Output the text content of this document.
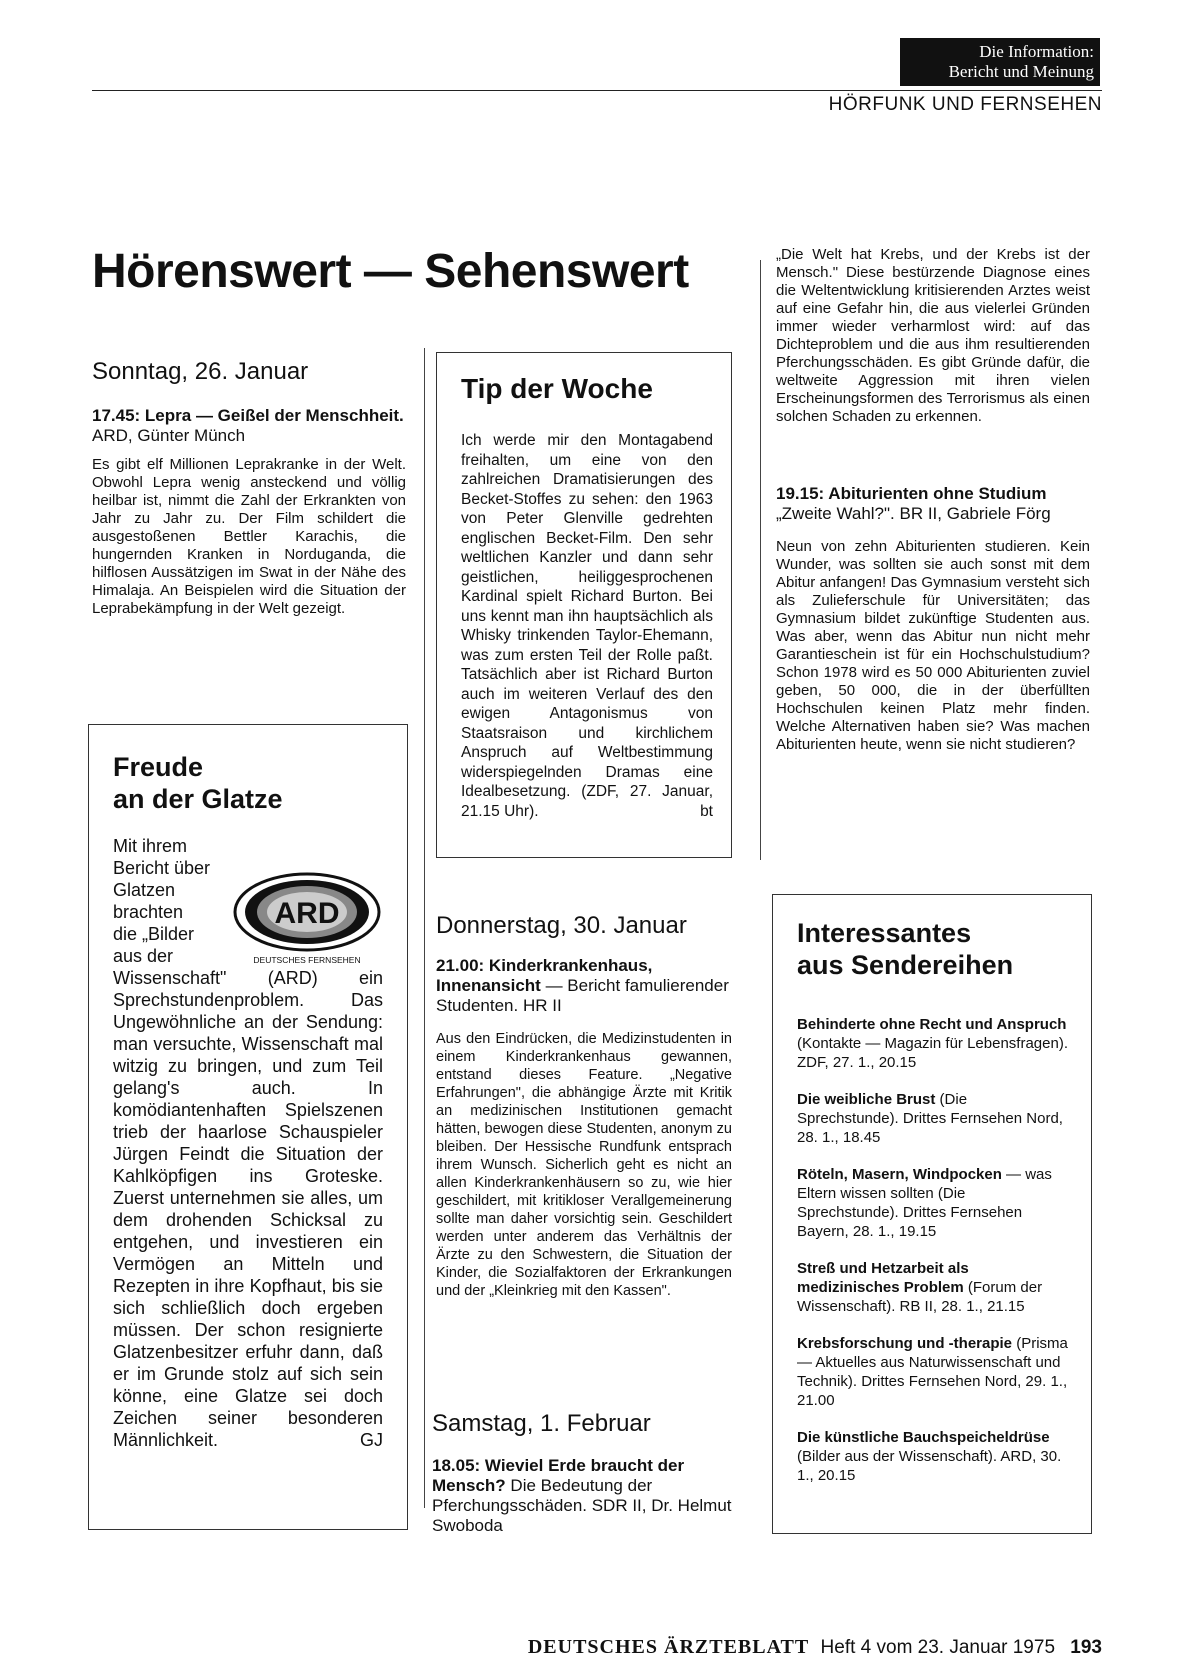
Die Information:
Bericht und Meinung
HÖRFUNK UND FERNSEHEN
Hörenswert — Sehenswert
Sonntag, 26. Januar
17.45: Lepra — Geißel der Menschheit. ARD, Günter Münch
Es gibt elf Millionen Leprakranke in der Welt. Obwohl Lepra wenig ansteckend und völlig heilbar ist, nimmt die Zahl der Erkrankten von Jahr zu Jahr zu. Der Film schildert die ausgestoßenen Bettler Karachis, die hungernden Kranken in Norduganda, die hilflosen Aussätzigen im Swat in der Nähe des Himalaja. An Beispielen wird die Situation der Leprabekämpfung in der Welt gezeigt.
Freude
an der Glatze
Mit ihrem
Bericht über
Glatzen
brachten
die „Bilder
aus der
Wissenschaft" (ARD) ein Sprechstundenproblem. Das Ungewöhnliche an der Sendung: man versuchte, Wissenschaft mal witzig zu bringen, und zum Teil gelang's auch. In komödiantenhaften Spielszenen trieb der haarlose Schauspieler Jürgen Feindt die Situation der Kahlköpfigen ins Groteske. Zuerst unternehmen sie alles, um dem drohenden Schicksal zu entgehen, und investieren ein Vermögen an Mitteln und Rezepten in ihre Kopfhaut, bis sie sich schließlich doch ergeben müssen. Der schon resignierte Glatzenbesitzer erfuhr dann, daß er im Grunde stolz auf sich sein könne, eine Glatze sei doch Zeichen seiner besonderen Männlichkeit.	GJ
ARD
DEUTSCHES FERNSEHEN
Tip der Woche
Ich werde mir den Montagabend freihalten, um eine von den zahlreichen Dramatisierungen des Becket-Stoffes zu sehen: den 1963 von Peter Glenville gedrehten englischen Becket-Film. Den sehr weltlichen Kanzler und dann sehr geistlichen, heiliggesprochenen Kardinal spielt Richard Burton. Bei uns kennt man ihn hauptsächlich als Whisky trinkenden Taylor-Ehemann, was zum ersten Teil der Rolle paßt. Tatsächlich aber ist Richard Burton auch im weiteren Verlauf des den ewigen Antagonismus von Staatsraison und kirchlichem Anspruch auf Weltbestimmung widerspiegelnden Dramas eine Idealbesetzung. (ZDF, 27. Januar, 21.15 Uhr).	bt
Donnerstag, 30. Januar
21.00: Kinderkrankenhaus, Innenansicht — Bericht famulierender Studenten. HR II
Aus den Eindrücken, die Medizinstudenten in einem Kinderkrankenhaus gewannen, entstand dieses Feature. „Negative Erfahrungen", die abhängige Ärzte mit Kritik an medizinischen Institutionen gemacht hätten, bewogen diese Studenten, anonym zu bleiben. Der Hessische Rundfunk entsprach ihrem Wunsch. Sicherlich geht es nicht an allen Kinderkrankenhäusern so zu, wie hier geschildert, mit kritikloser Verallgemeinerung sollte man daher vorsichtig sein. Geschildert werden unter anderem das Verhältnis der Ärzte zu den Schwestern, die Situation der Kinder, die Sozialfaktoren der Erkrankungen und der „Kleinkrieg mit den Kassen".
Samstag, 1. Februar
18.05: Wieviel Erde braucht der Mensch? Die Bedeutung der Pferchungsschäden. SDR II, Dr. Helmut Swoboda
„Die Welt hat Krebs, und der Krebs ist der Mensch." Diese bestürzende Diagnose eines die Weltentwicklung kritisierenden Arztes weist auf eine Gefahr hin, die aus vielerlei Gründen immer wieder verharmlost wird: auf das Dichteproblem und die aus ihm resultierenden Pferchungsschäden. Es gibt Gründe dafür, die weltweite Aggression mit ihren vielen Erscheinungsformen des Terrorismus als einen solchen Schaden zu erkennen.
19.15: Abiturienten ohne Studium „Zweite Wahl?". BR II, Gabriele Förg
Neun von zehn Abiturienten studieren. Kein Wunder, was sollten sie auch sonst mit dem Abitur anfangen! Das Gymnasium versteht sich als Zulieferschule für Universitäten; das Gymnasium bildet zukünftige Studenten aus. Was aber, wenn das Abitur nun nicht mehr Garantieschein ist für ein Hochschulstudium? Schon 1978 wird es 50 000 Abiturienten zuviel geben, 50 000, die in der überfüllten Hochschulen keinen Platz mehr finden. Welche Alternativen haben sie? Was machen Abiturienten heute, wenn sie nicht studieren?
Interessantes
aus Sendereihen
Behinderte ohne Recht und Anspruch (Kontakte — Magazin für Lebensfragen). ZDF, 27. 1., 20.15
Die weibliche Brust (Die Sprechstunde). Drittes Fernsehen Nord, 28. 1., 18.45
Röteln, Masern, Windpocken — was Eltern wissen sollten (Die Sprechstunde). Drittes Fernsehen Bayern, 28. 1., 19.15
Streß und Hetzarbeit als medizinisches Problem (Forum der Wissenschaft). RB II, 28. 1., 21.15
Krebsforschung und -therapie (Prisma — Aktuelles aus Naturwissenschaft und Technik). Drittes Fernsehen Nord, 29. 1., 21.00
Die künstliche Bauchspeicheldrüse (Bilder aus der Wissenschaft). ARD, 30. 1., 20.15
DEUTSCHES ÄRZTEBLATT Heft 4 vom 23. Januar 1975 193
